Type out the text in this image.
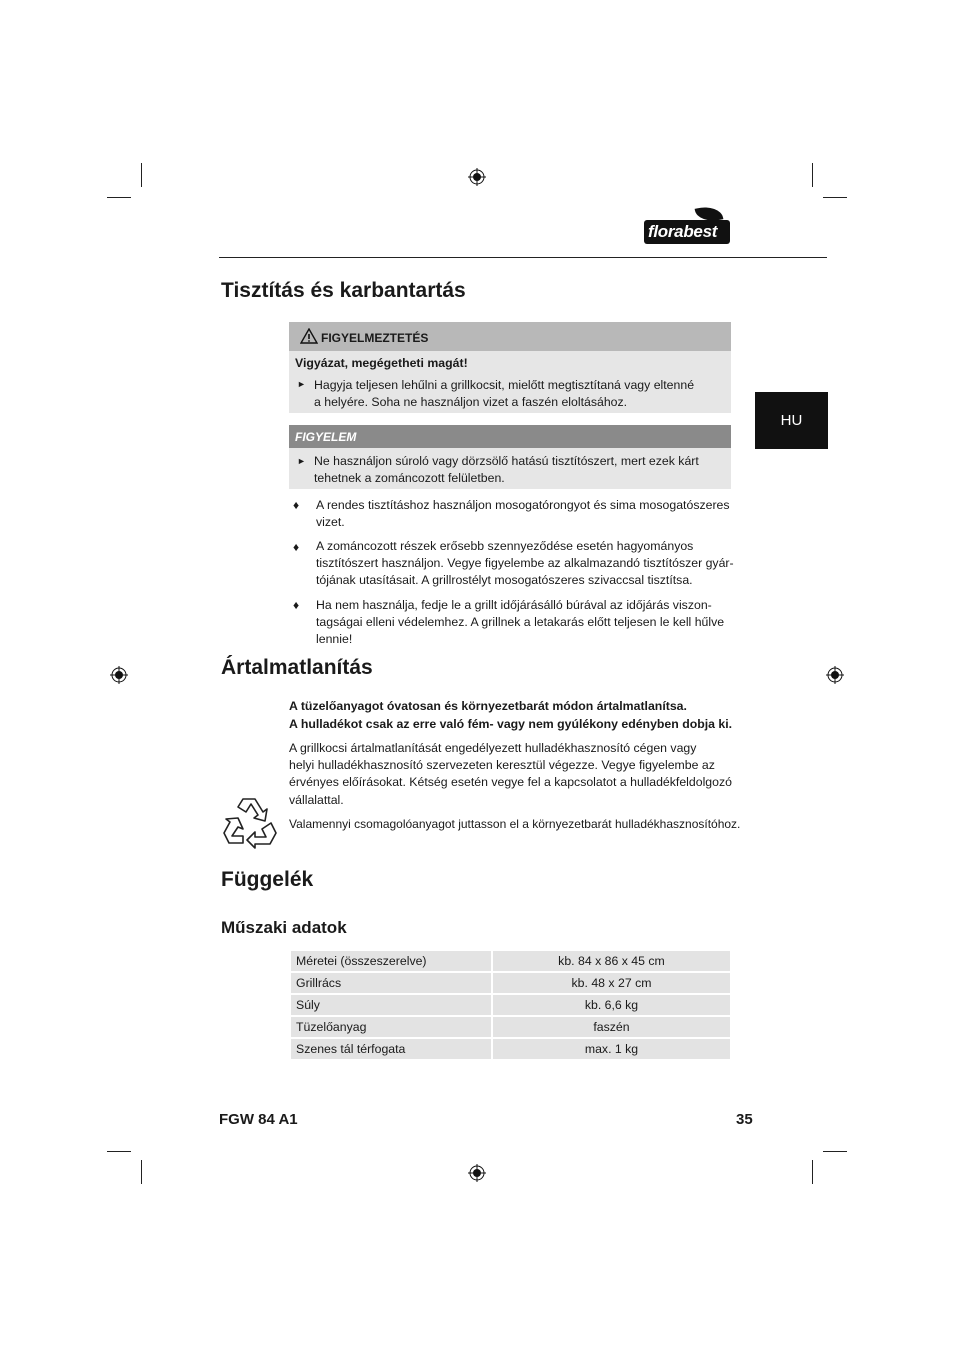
florabest
HU
Tisztítás és karbantartás
FIGYELMEZTETÉS
Vigyázat, megégetheti magát!
► Hagyja teljesen lehűlni a grillkocsit, mielőtt megtisztítaná vagy eltenné
a helyére. Soha ne használjon vizet a faszén eloltásához.
FIGYELEM
► Ne használjon súroló vagy dörzsölő hatású tisztítószert, mert ezek kárt
tehetnek a zománcozott felületben.
♦ A rendes tisztításhoz használjon mosogatórongyot és sima mosogatószeres
vizet.
♦ A zománcozott részek erősebb szennyeződése esetén hagyományos
tisztítószert használjon. Vegye figyelembe az alkalmazandó tisztítószer gyár-
tójának utasításait. A grillrostélyt mosogatószeres szivaccsal tisztítsa.
♦ Ha nem használja, fedje le a grillt időjárásálló búrával az időjárás viszon-
tagságai elleni védelemhez. A grillnek a letakarás előtt teljesen le kell hűlve
lennie!
Ártalmatlanítás
A tüzelőanyagot óvatosan és környezetbarát módon ártalmatlanítsa.
A hulladékot csak az erre való fém- vagy nem gyúlékony edényben dobja ki.
A grillkocsi ártalmatlanítását engedélyezett hulladékhasznosító cégen vagy
helyi hulladékhasznosító szervezeten keresztül végezze. Vegye figyelembe az
érvényes előírásokat. Kétség esetén vegye fel a kapcsolatot a hulladékfeldolgozó
vállalattal.
Valamennyi csomagolóanyagot juttasson el a környezetbarát hulladékhasznosítóhoz.
Függelék
Műszaki adatok
Méretei (összeszerelve)	kb. 84 x 86 x 45 cm
Grillrács	kb. 48 x 27 cm
Súly	kb. 6,6 kg
Tüzelőanyag	faszén
Szenes tál térfogata	max. 1 kg
FGW 84 A1	35
